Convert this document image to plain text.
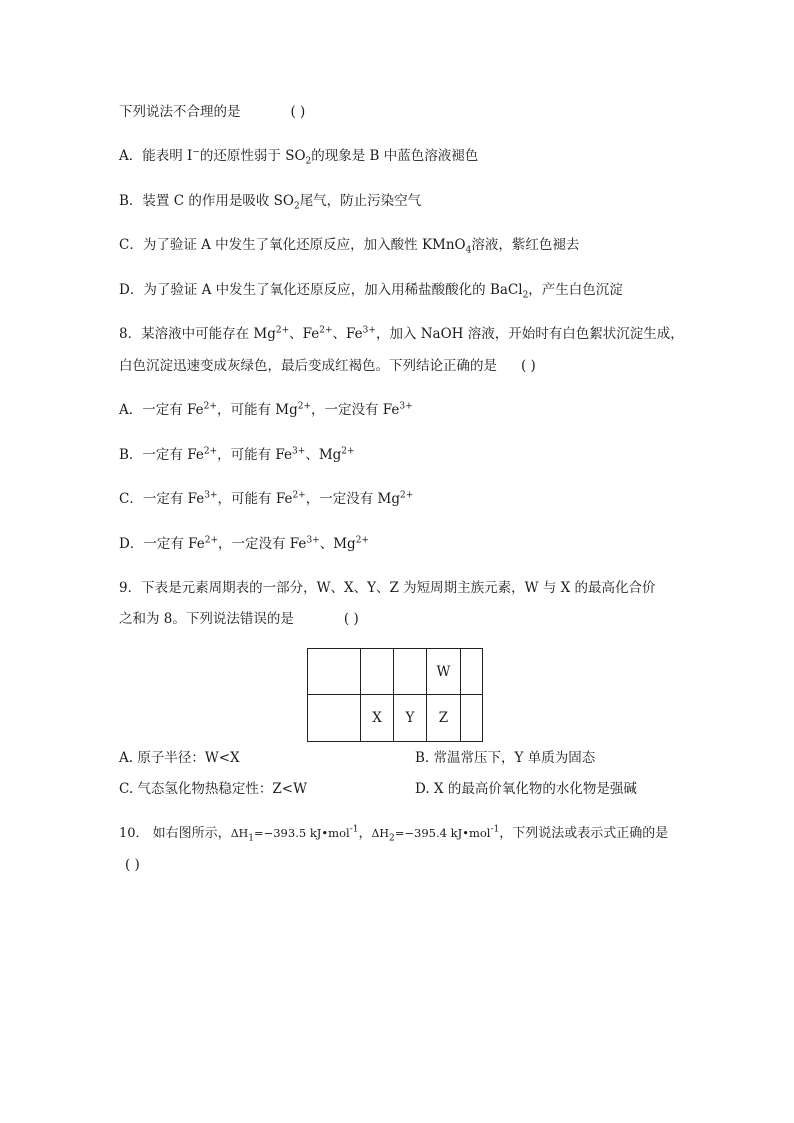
下列说法不合理的是	( )
A．能表明 I−的还原性弱于 $SO_2$的现象是 B 中蓝色溶液褪色
B．装置 C 的作用是吸收 $SO_2$尾气，防止污染空气
C．为了验证 A 中发生了氧化还原反应，加入酸性 KMnO$_4$溶液，紫红色褪去
D．为了验证 A 中发生了氧化还原反应，加入用稀盐酸酸化的 BaCl$_2$，产生白色沉淀
8．某溶液中可能存在 $Mg^{2+}$、$Fe^{2+}$、$Fe^{3+}$，加入 NaOH 溶液，开始时有白色絮状沉淀生成，
白色沉淀迅速变成灰绿色，最后变成红褐色。下列结论正确的是 ( )
A．一定有 $Fe^{2+}$，可能有 $Mg^{2+}$，一定没有 $Fe^{3+}$
B．一定有 $Fe^{2+}$，可能有 $Fe^{3+}$、$Mg^{2+}$
C．一定有 $Fe^{3+}$，可能有 $Fe^{2+}$，一定没有 $Mg^{2+}$
D．一定有 $Fe^{2+}$，一定没有 $Fe^{3+}$、$Mg^{2+}$
9．下表是元素周期表的一部分，W、X、Y、Z 为短周期主族元素，W 与 X 的最高化合价
之和为 8。下列说法错误的是	( )
			W	
	X	Y	Z	
A. 原子半径：W<X	B. 常温常压下，Y 单质为固态
C. 气态氢化物热稳定性：Z<W	D. X 的最高价氧化物的水化物是强碱
10． 如右图所示，$\Delta H_1=-393.5$ kJ•mol$^{-1}$，$\Delta H_2=-395.4$ kJ•mol$^{-1}$，下列说法或表示式正确的是
( )
